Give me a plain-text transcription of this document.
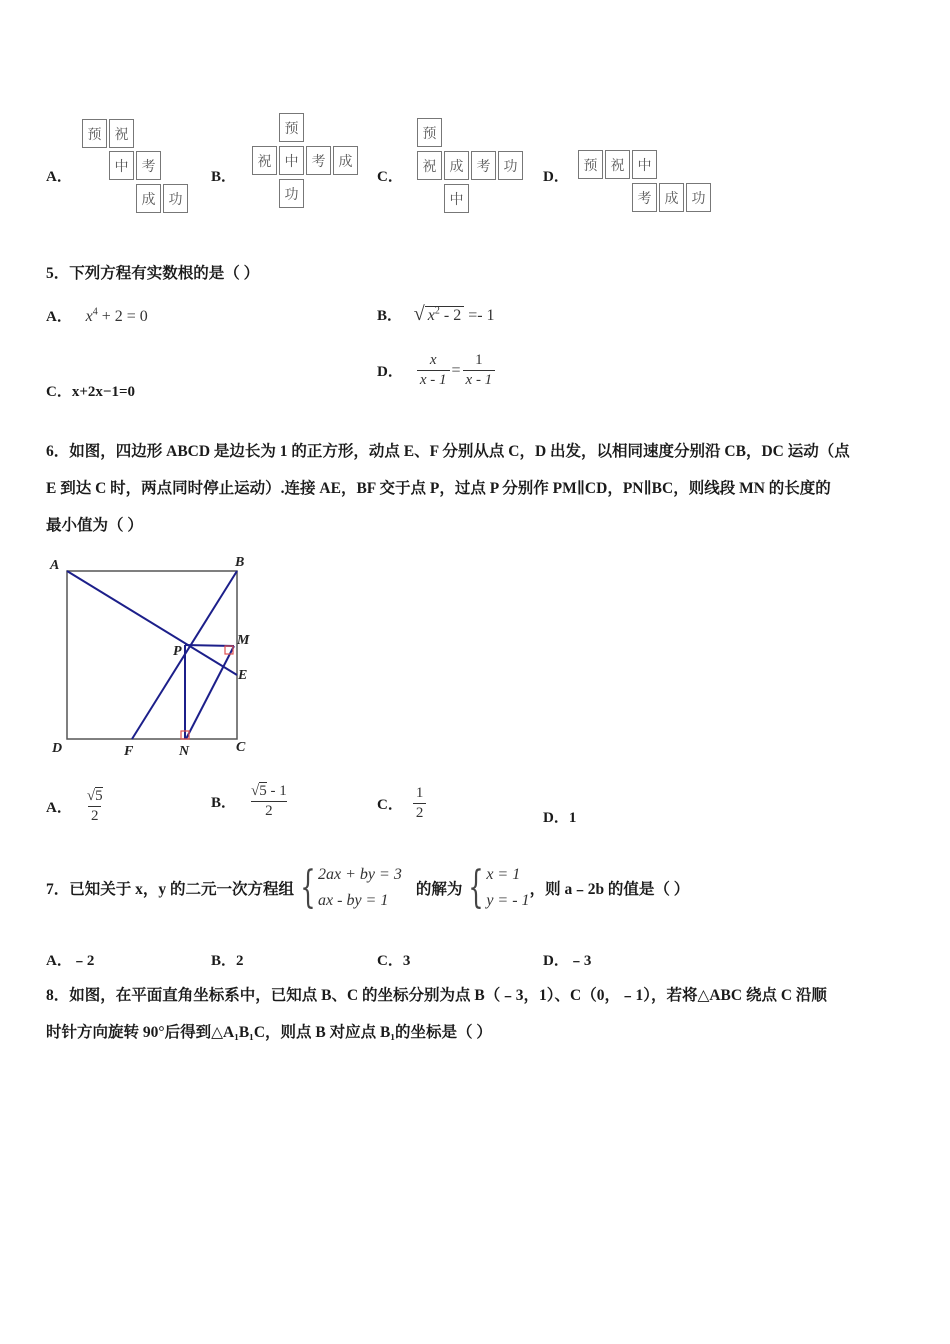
A．
预 祝
中 考
成 功
B．
预
祝 中 考 成
功
C．
预
祝 成 考 功
中
D．
预 祝 中
考 成 功
5．下列方程有实数根的是（ ）
A． $x^4 + 2 = 0$	B． √ $x^2 - 2 =- 1$
C．x+2x−1=0
D． $\frac{x}{x - 1} = \frac{1}{x - 1}$
6．如图，四边形 ABCD 是边长为 1 的正方形，动点 E、F 分别从点 C，D 出发，以相同速度分别沿 CB，DC 运动（点
E 到达 C 时，两点同时停止运动）.连接 AE，BF 交于点 P，过点 P 分别作 PM∥CD，PN∥BC，则线段 MN 的长度的
最小值为（ ）
A	B
C
D
E
F
M
N
P
A． $\frac{√5}{2}$	B． $\frac{√5 - 1}{2}$	C． $\frac{1}{2}$	D．1
7．已知关于 x，y 的二元一次方程组 { 2ax + by = 3
ax - by = 1
的解为 { x = 1
y = - 1
，则 a﹣2b 的值是（ ）
A．﹣2	B．2	C．3	D．﹣3
8．如图，在平面直角坐标系中，已知点 B、C 的坐标分别为点 B（﹣3，1）、C（0，﹣1），若将△ABC 绕点 C 沿顺
时针方向旋转 90°后得到△A₁B₁C，则点 B 对应点 B₁的坐标是（ ）
